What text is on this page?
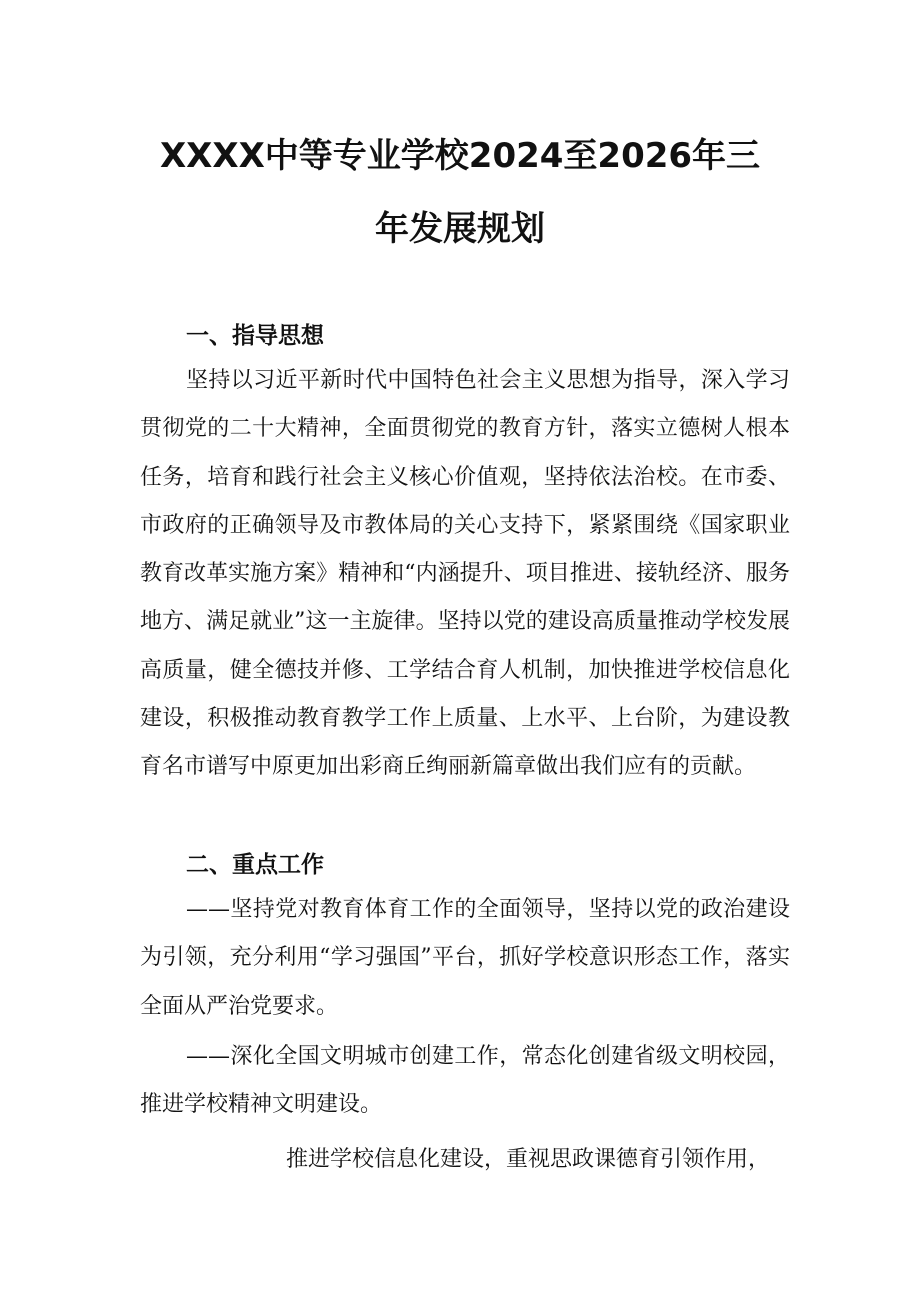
XXXX中等专业学校2024至2026年三
年发展规划
一、指导思想

坚持以习近平新时代中国特色社会主义思想为指导，深入学习贯彻党的二十大精神，全面贯彻党的教育方针，落实立德树人根本任务，培育和践行社会主义核心价值观，坚持依法治校。在市委、市政府的正确领导及市教体局的关心支持下，紧紧围绕《国家职业教育改革实施方案》精神和“内涵提升、项目推进、接轨经济、服务地方、满足就业”这一主旋律。坚持以党的建设高质量推动学校发展高质量，健全德技并修、工学结合育人机制，加快推进学校信息化建设，积极推动教育教学工作上质量、上水平、上台阶，为建设教育名市谱写中原更加出彩商丘绚丽新篇章做出我们应有的贡献。

二、重点工作

——坚持党对教育体育工作的全面领导，坚持以党的政治建设为引领，充分利用“学习强国”平台，抓好学校意识形态工作，落实全面从严治党要求。

——深化全国文明城市创建工作，常态化创建省级文明校园，推进学校精神文明建设。

推进学校信息化建设，重视思政课德育引领作用，
